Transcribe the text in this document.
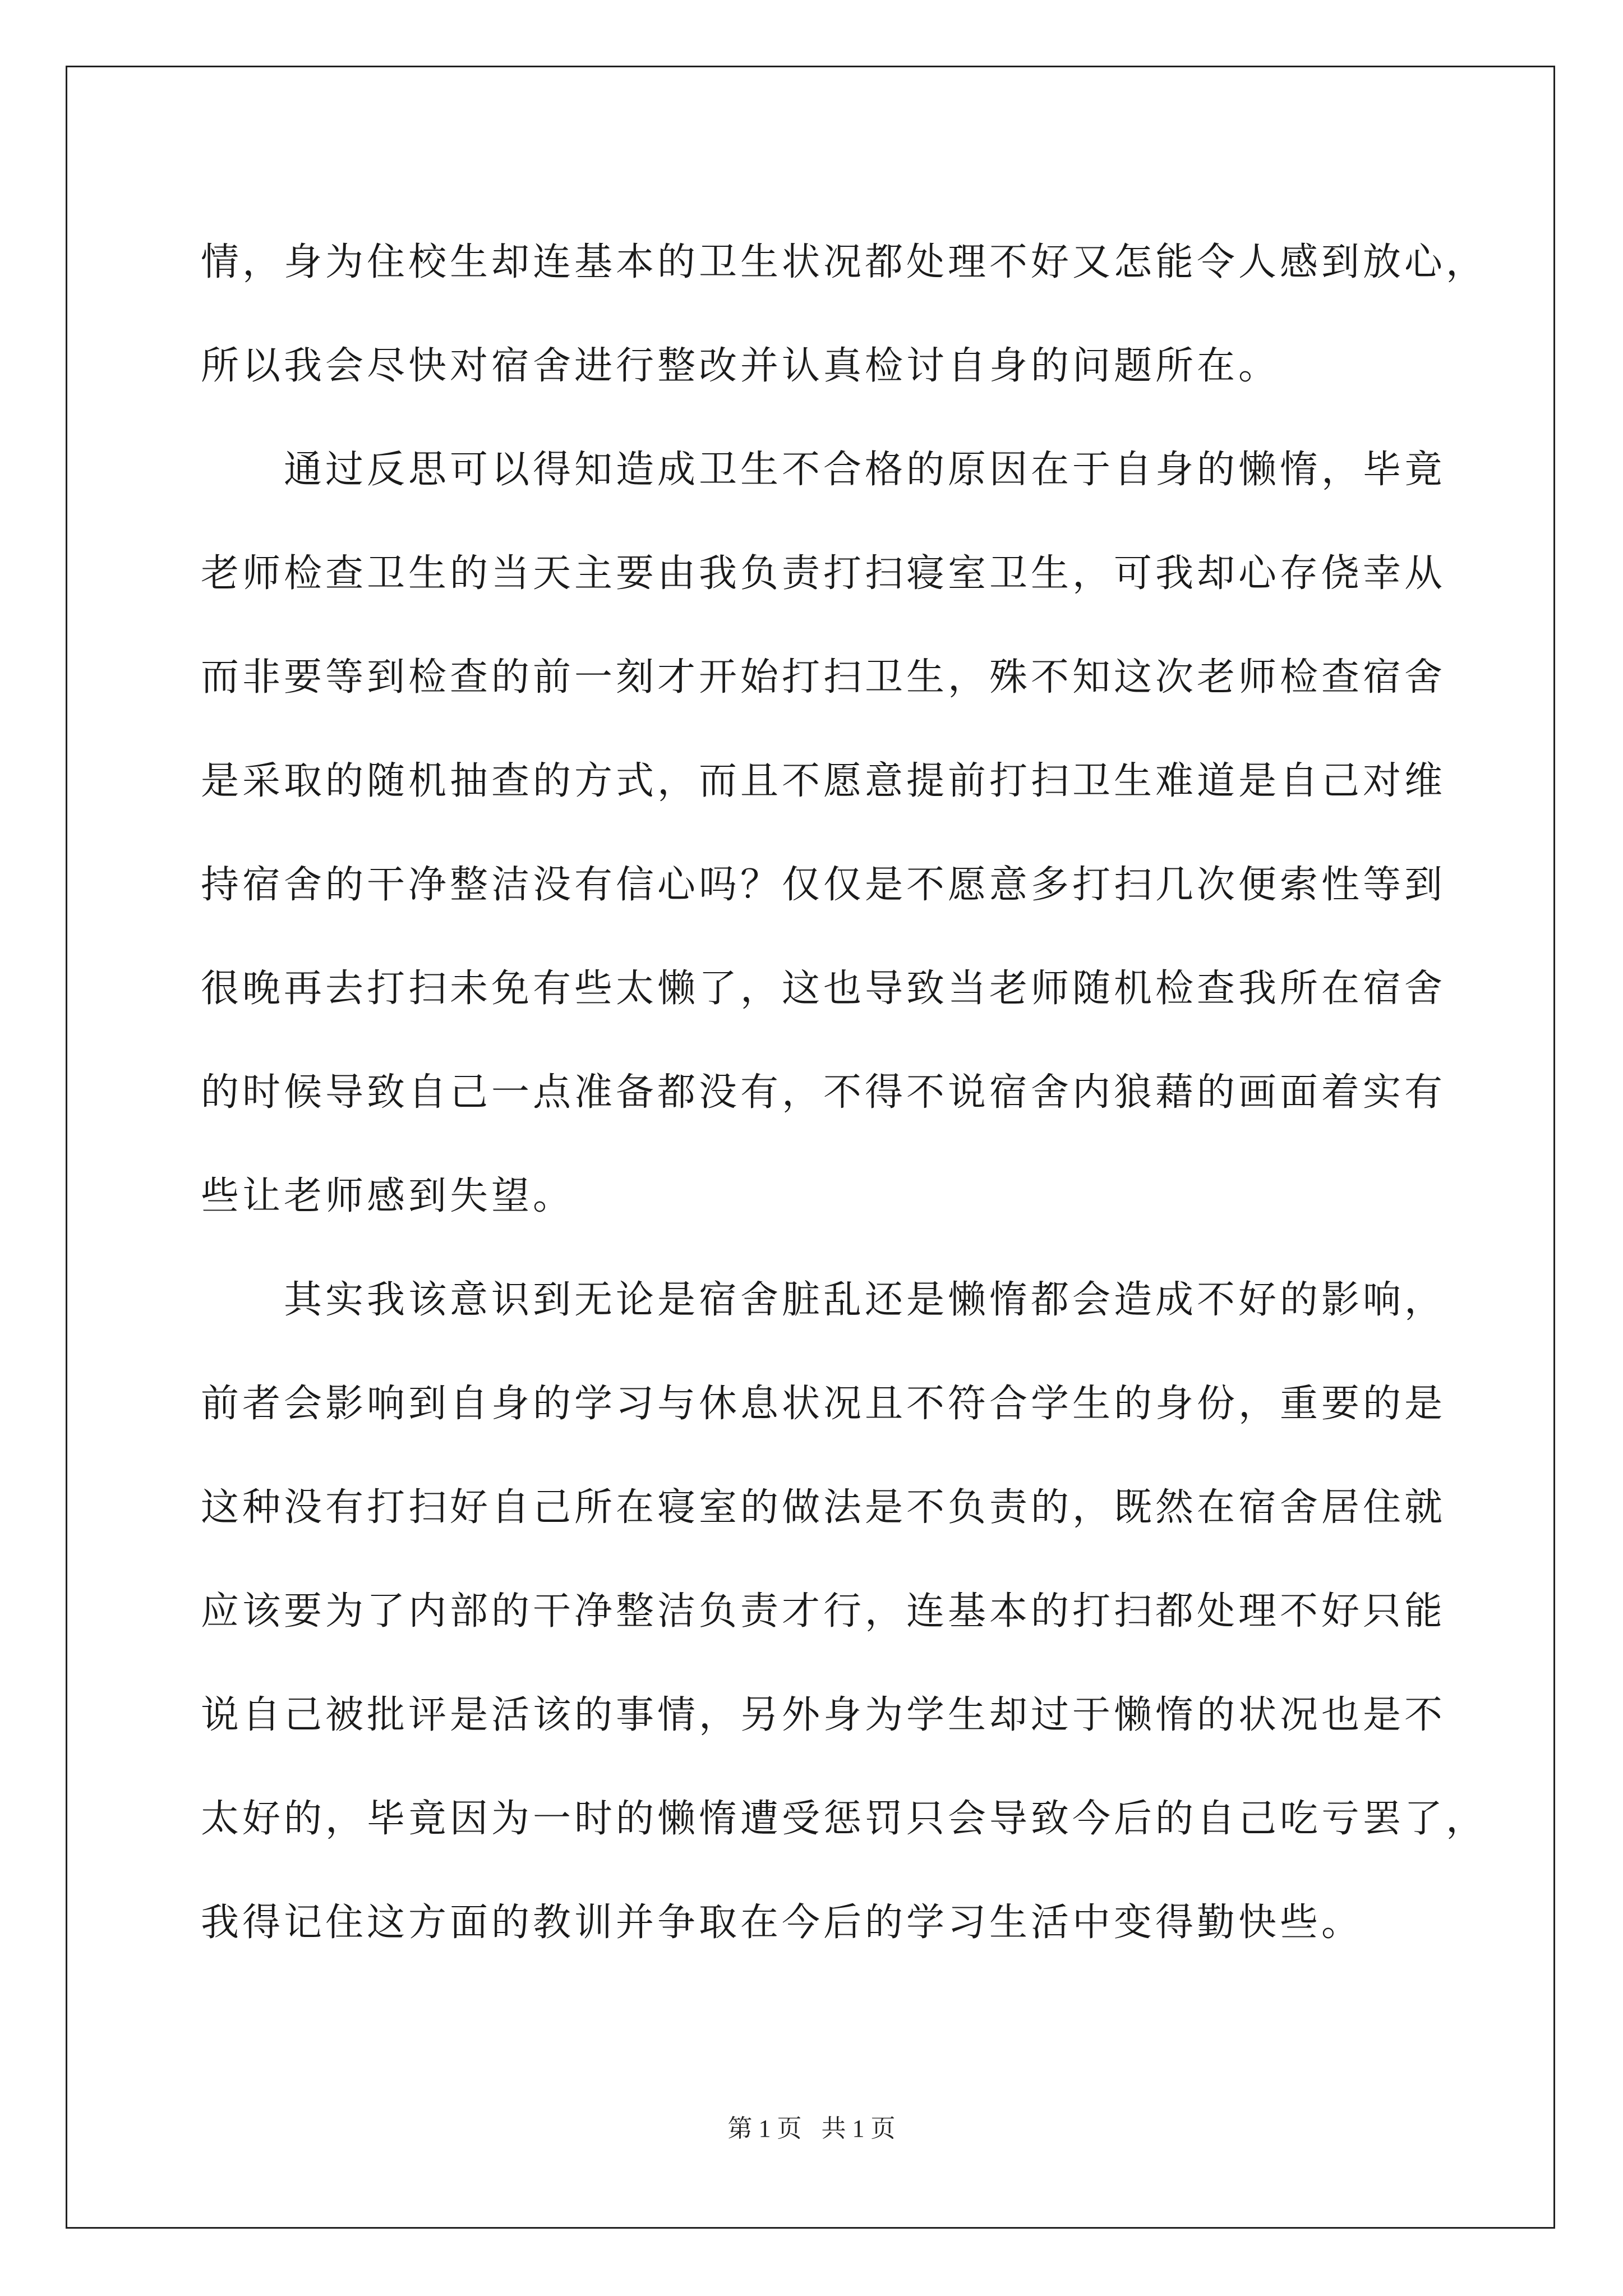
情，身为住校生却连基本的卫生状况都处理不好又怎能令人感到放心，
所以我会尽快对宿舍进行整改并认真检讨自身的问题所在。
通过反思可以得知造成卫生不合格的原因在于自身的懒惰，毕竟
老师检查卫生的当天主要由我负责打扫寝室卫生，可我却心存侥幸从
而非要等到检查的前一刻才开始打扫卫生，殊不知这次老师检查宿舍
是采取的随机抽查的方式，而且不愿意提前打扫卫生难道是自己对维
持宿舍的干净整洁没有信心吗？仅仅是不愿意多打扫几次便索性等到
很晚再去打扫未免有些太懒了，这也导致当老师随机检查我所在宿舍
的时候导致自己一点准备都没有，不得不说宿舍内狼藉的画面着实有
些让老师感到失望。
其实我该意识到无论是宿舍脏乱还是懒惰都会造成不好的影响，
前者会影响到自身的学习与休息状况且不符合学生的身份，重要的是
这种没有打扫好自己所在寝室的做法是不负责的，既然在宿舍居住就
应该要为了内部的干净整洁负责才行，连基本的打扫都处理不好只能
说自己被批评是活该的事情，另外身为学生却过于懒惰的状况也是不
太好的，毕竟因为一时的懒惰遭受惩罚只会导致今后的自己吃亏罢了，
我得记住这方面的教训并争取在今后的学习生活中变得勤快些。
第 1 页 共 1 页
